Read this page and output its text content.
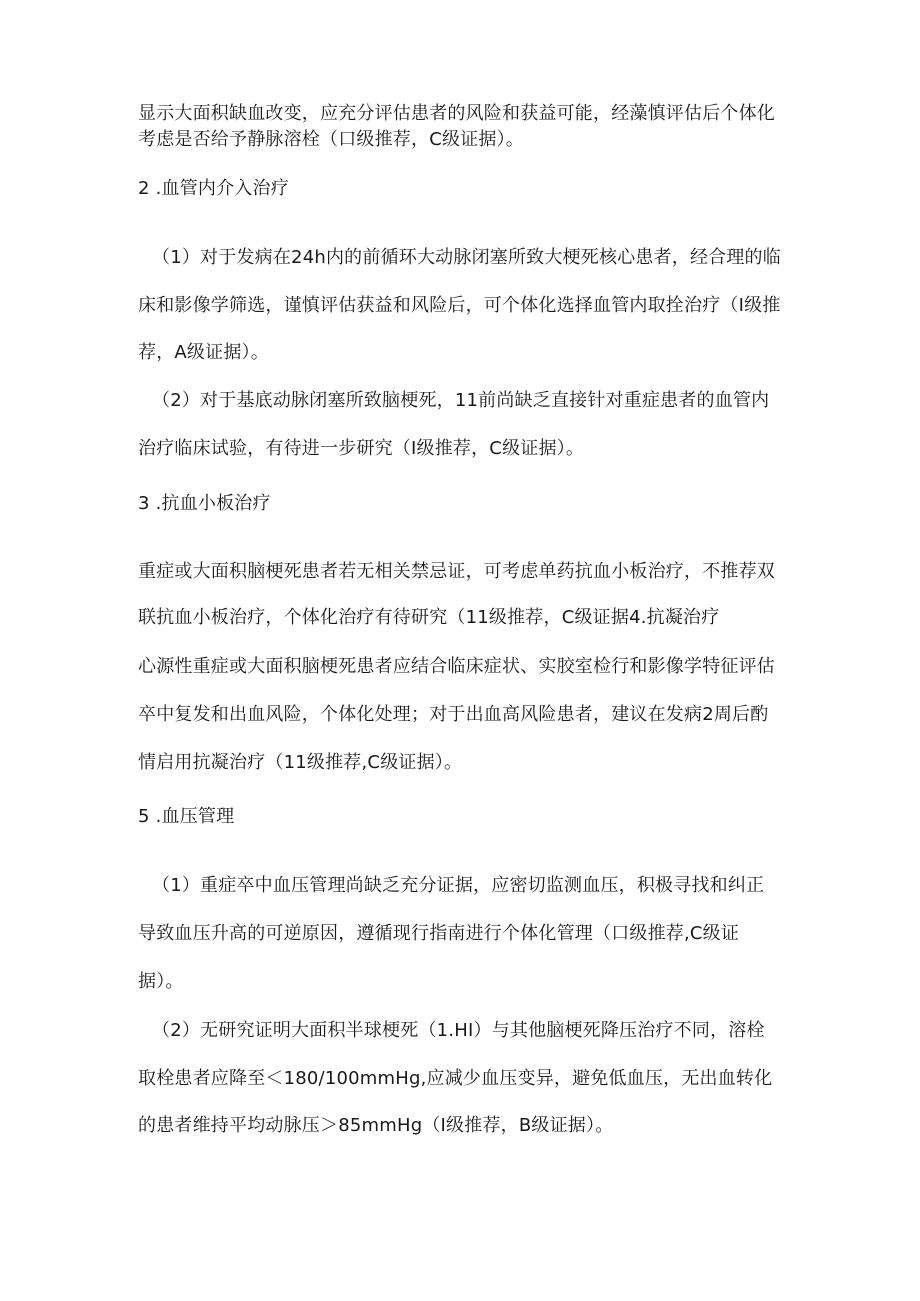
显示大面积缺血改变，应充分评估患者的风险和获益可能，经藻慎评估后个体化
考虑是否给予静脉溶栓（口级推荐，C级证据）。
2 .血管内介入治疗
（1）对于发病在24h内的前循环大动脉闭塞所致大梗死核心患者，经合理的临
床和影像学筛选，谨慎评估获益和风险后，可个体化选择血管内取拴治疗（I级推
荐，A级证据）。
（2）对于基底动脉闭塞所致脑梗死，11前尚缺乏直接针对重症患者的血管内
治疗临床试验，有待进一步研究（I级推荐，C级证据）。
3 .抗血小板治疗
重症或大面积脑梗死患者若无相关禁忌证，可考虑单药抗血小板治疗，不推荐双
联抗血小板治疗，个体化治疗有待研究（11级推荐，C级证据4.抗凝治疗
心源性重症或大面积脑梗死患者应结合临床症状、实胶室检行和影像学特征评估
卒中复发和出血风险，个体化处理；对于出血高风险患者，建议在发病2周后酌
情启用抗凝治疗（11级推荐,C级证据）。
5 .血压管理
（1）重症卒中血压管理尚缺乏充分证据，应密切监测血压，积极寻找和纠正
导致血压升高的可逆原因，遵循现行指南进行个体化管理（口级推荐,C级证
据）。
（2）无研究证明大面积半球梗死（1.HI）与其他脑梗死降压治疗不同，溶栓
取栓患者应降至＜180/100mmHg,应减少血压变异，避免低血压，无出血转化
的患者维持平均动脉压＞85mmHg（I级推荐，B级证据）。
